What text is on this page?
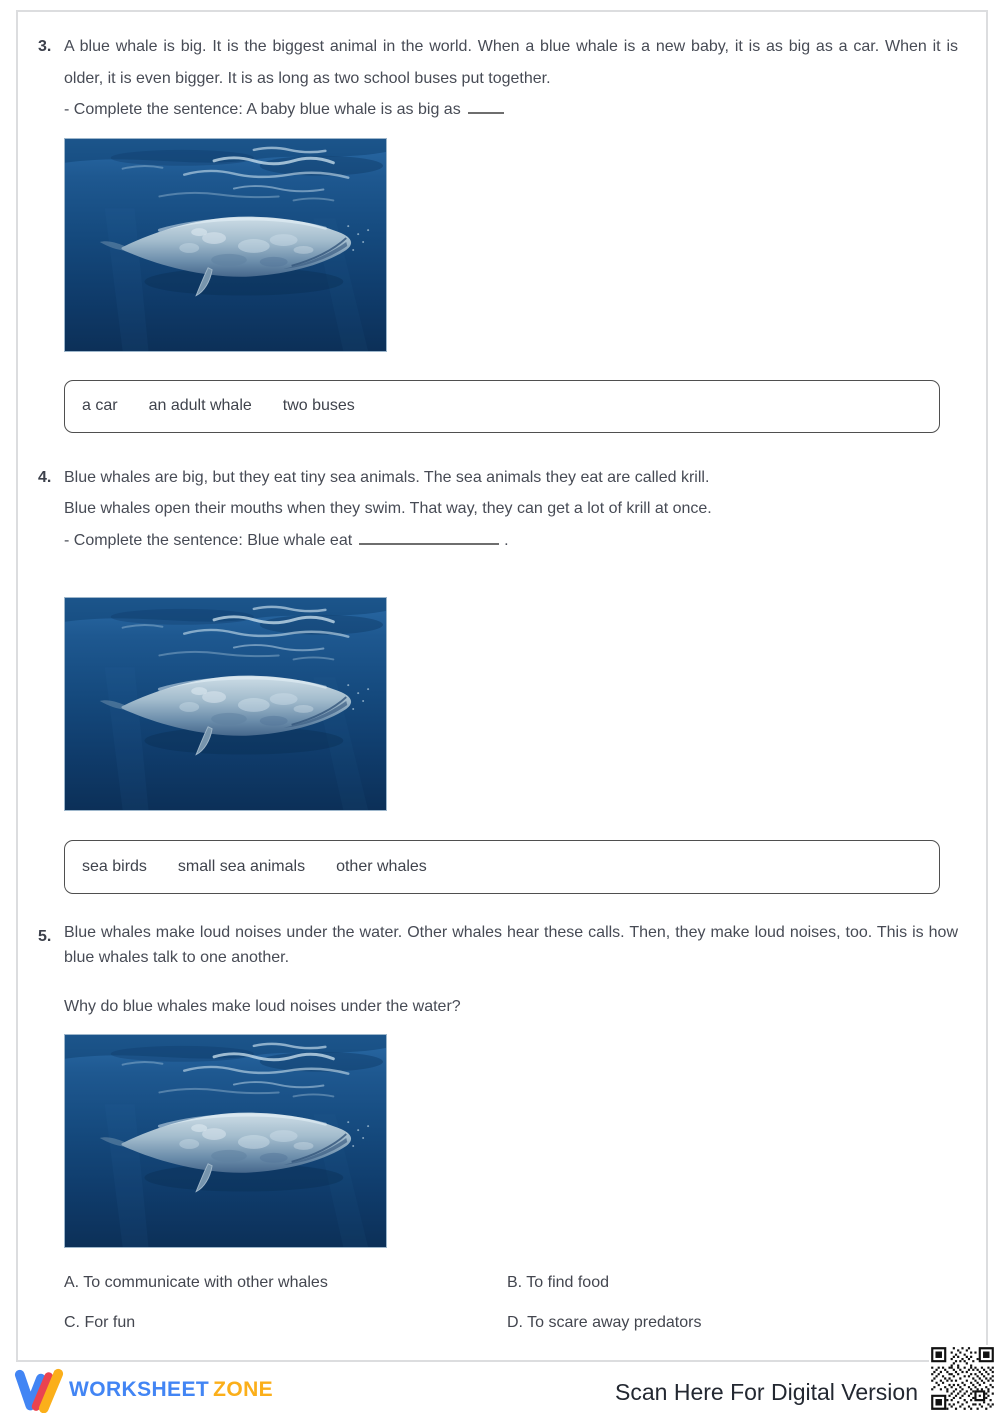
3. A blue whale is big. It is the biggest animal in the world. When a blue whale is a new baby, it is as big as a car. When it is older, it is even bigger. It is as long as two school buses put together.

- Complete the sentence: A baby blue whale is as big as
a car an adult whale two buses
4. Blue whales are big, but they eat tiny sea animals. The sea animals they eat are called krill.
Blue whales open their mouths when they swim. That way, they can get a lot of krill at once.
- Complete the sentence: Blue whale eat	.
sea birds small sea animals other whales
5. Blue whales make loud noises under the water. Other whales hear these calls. Then, they make loud noises, too. This is how blue whales talk to one another.

Why do blue whales make loud noises under the water?
A. To communicate with other whales	B. To find food
C. For fun	D. To scare away predators
WORKSHEET ZONE	Scan Here For Digital Version
